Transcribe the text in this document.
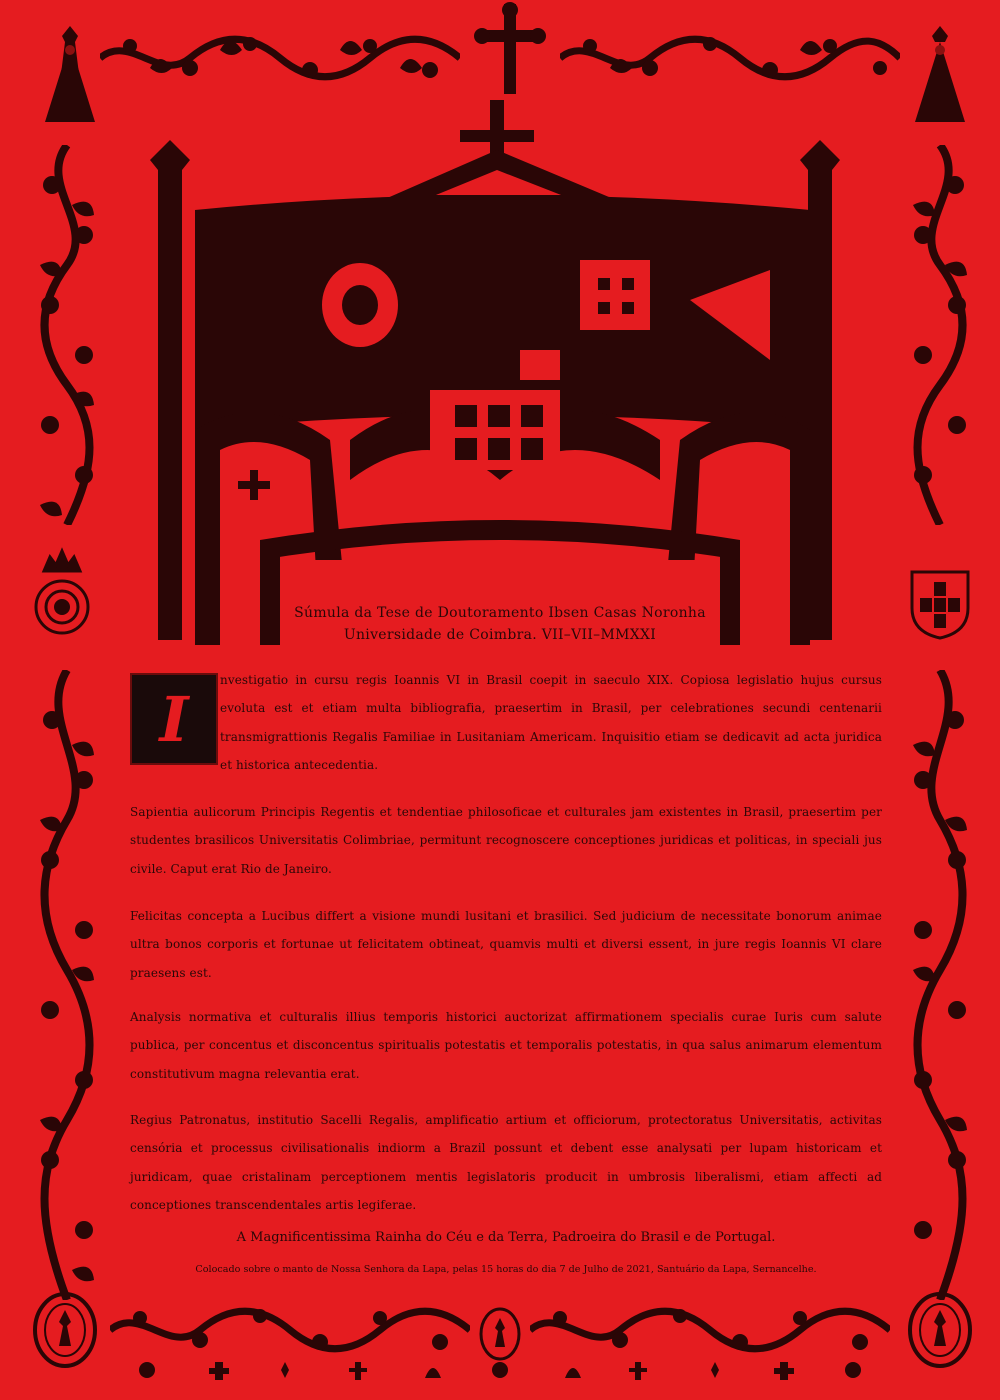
Súmula da Tese de Doutoramento Ibsen Casas Noronha
Universidade de Coimbra. VII–VII–MMXXI
I
nvestigatio in cursu regis Ioannis VI in Brasil coepit in saeculo XIX. Copiosa legislatio hujus cursus evoluta est et etiam multa bibliografia, praesertim in Brasil, per celebrationes secundi centenarii transmigrattionis Regalis Familiae in Lusitaniam Americam. Inquisitio etiam se dedicavit ad acta juridica et historica antecedentia.
Sapientia aulicorum Principis Regentis et tendentiae philosoficae et culturales jam existentes in Brasil, praesertim per studentes brasilicos Universitatis Colimbriae, permitunt recognoscere conceptiones juridicas et politicas, in speciali jus civile. Caput erat Rio de Janeiro.
Felicitas concepta a Lucibus differt a visione mundi lusitani et brasilici. Sed judicium de necessitate bonorum animae ultra bonos corporis et fortunae ut felicitatem obtineat, quamvis multi et diversi essent, in jure regis Ioannis VI clare praesens est.
Analysis normativa et culturalis illius temporis historici auctorizat affirmationem specialis curae Iuris cum salute publica, per concentus et disconcentus spiritualis potestatis et temporalis potestatis, in qua salus animarum elementum constitutivum magna relevantia erat.
Regius Patronatus, institutio Sacelli Regalis, amplificatio artium et officiorum, protectoratus Universitatis, activitas censória et processus civilisationalis indiorm a Brazil possunt et debent esse analysati per lupam historicam et juridicam, quae cristalinam perceptionem mentis legislatoris producit in umbrosis liberalismi, etiam affecti ad conceptiones transcendentales artis legiferae.
A Magnificentissima Rainha do Céu e da Terra, Padroeira do Brasil e de Portugal.
Colocado sobre o manto de Nossa Senhora da Lapa, pelas 15 horas do dia 7 de Julho de 2021, Santuário da Lapa, Sernancelhe.
